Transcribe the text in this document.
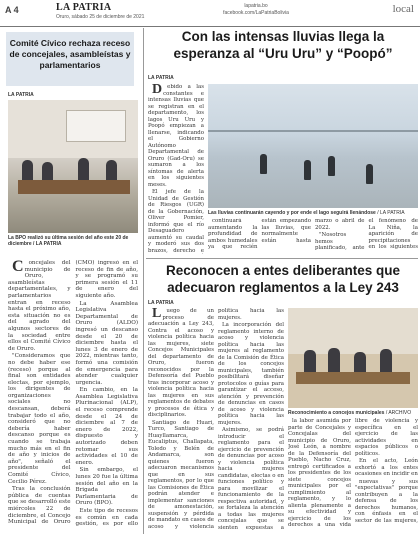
A 4	LA PATRIA
Oruro, sábado 25 de diciembre de 2021
lapatria.bo
facebook.com/LaPatriaBolivia	local
Comité Cívico rechaza receso de concejales, asambleístas y parlamentarios
LA PATRIA
La BPO realizó su última sesión del año este 20 de diciembre / LA PATRIA

Concejales del municipio de Oruro, asambleístas departamentales, y parlamentarios entran en receso hasta el próximo año, esta situación no es del agrado del algunos sectores de la sociedad entre ellos el Comité Cívico de Oruro.

"Consideramos que no debe haber ese (receso) porque al final son entidades electas, por ejemplo, los dirigentes de organizaciones sociales no descansan, deberá trabajar todo el año, consideró que no debería haber descanso porque es cuando se trabaja mucho más en el fin de año y inicios de año", señaló el presidente del Comité Cívico, Cecilio Pérez.

Tras la conclusión pública de cuentas que se desarrolló este miércoles 22 de diciembre, el Concejo Municipal de Oruro (CMO) ingresó en el receso de fin de año, y se programó su primera sesión el 11 de enero del siguiente año.

La Asamblea Legislativa Departamental de Oruro (ALDO) ingresó un descanso desde el 20 de diciembre hasta el lunes 3 de enero de 2022, mientras tanto, formó una comisión de emergencia para atender cualquier urgencia.

En cambio, en la Asamblea Legislativa Plurinacional (ALP), el receso comprende desde el 24 de diciembre al 7 de enero de 2022, dispuesto y autorizado deben retomar sus actividades el 10 de enero.

Sin embargo, el lunes 20 fue la última sesión del año en la Brigada Parlamentaria de Oruro (BPO).

Este tipo de recesos es común en cada gestión, es por ello

Con las intensas lluvias llega la esperanza al “Uru Uru” y “Poopó”
LA PATRIA

Debido a las constantes e intensas lluvias que se registran en el departamento, los lagos Uru Uru y Poopó empiezan a llenarse, indicando el Gobierno Autónomo Departamental de Oruro (Gad-Oru) se sumaron a los síntomas de alerta en los siguientes meses.

El jefe de la Unidad de Gestión de Riesgos (UGR) de la Gobernación, Oliver Pomier, informó que el río Desaguadero aumentó su caudal y moderó sus dos brazos, derecho e

Las lluvias continuarán cayendo y por ende el lago seguirá llenándose / LA PATRIA

continuará aumentando la profundidad de ambos humedales ya que recién están empezando las lluvias, que normalmente están hasta marzo o abril de 2022.

"Nosotros hemos planificado, ante el fenómeno de La Niña, la aparición de precipitaciones en los siguientes

Reconocen a entes deliberantes que adecuaron reglamentos a la Ley 243
LA PATRIA

Luego de un proceso de adecuación a Ley 243, Contra el acoso y violencia política hacia las mujeres, siete Concejos Municipales del departamento de Oruro, fueron reconocidos por la Defensoría del Pueblo tras incorporar acoso y violencia política hacia las mujeres en sus reglamentos de debates y procesos de ética y disciplinarios.

Santiago de Huari, Turco, Santiago de Huayllamarca, Eucaliptus, Challapata, Toledo y Belén de Andamarca, son quienes fueron adecuaron mecanismos que en sus reglamentos, por lo que las Comisiones de Ética podrán atender e implementar sanciones de amonestación, suspensión y pérdida de mandato en casos de acoso y violencia política hacia las mujeres.

La incorporación del reglamento interno de acoso y violencia política hacia las mujeres al reglamento de la Comisión de Ética de los concejos municipales, también posibilitará diseñar protocolos o guías para garantizar el acceso, atención y prevención de denuncias en casos de acoso y violencia política hacia las mujeres.

Asimismo, se podrá introducir el reglamento para el ejercicio de prevención de denuncias por acoso y violencia política hacia mujeres candidatas, electas o en funciones político y para movilizar el funcionamiento de la respectiva autoridad, y se fortaleza la atención a todas las mujeres concejalas que se sienten expuestas a

Reconocimiento a concejos municipales / ARCHIVO

la labor asumida por parte de Concejales y Concejalas del municipio de Oruro, José León, a nombre de la Defensoría del Pueblo, Nacho Cruz, entregó certificados a los presidentes de los siete concejos municipales por el cumplimiento al reglamento, y lo alienta plenamente a su efectividad y ejercicio de los derechos a una vida libre de violencia y específica en el ejercicio de las actividades en espacios públicos o políticos.

En el acto, León exhortó a los entes ocasiones en incidir en

nuevas y sus "expectativas" porque contribuyen a la defensa de los derechos humanos, con énfasis en el sector de las mujeres,
